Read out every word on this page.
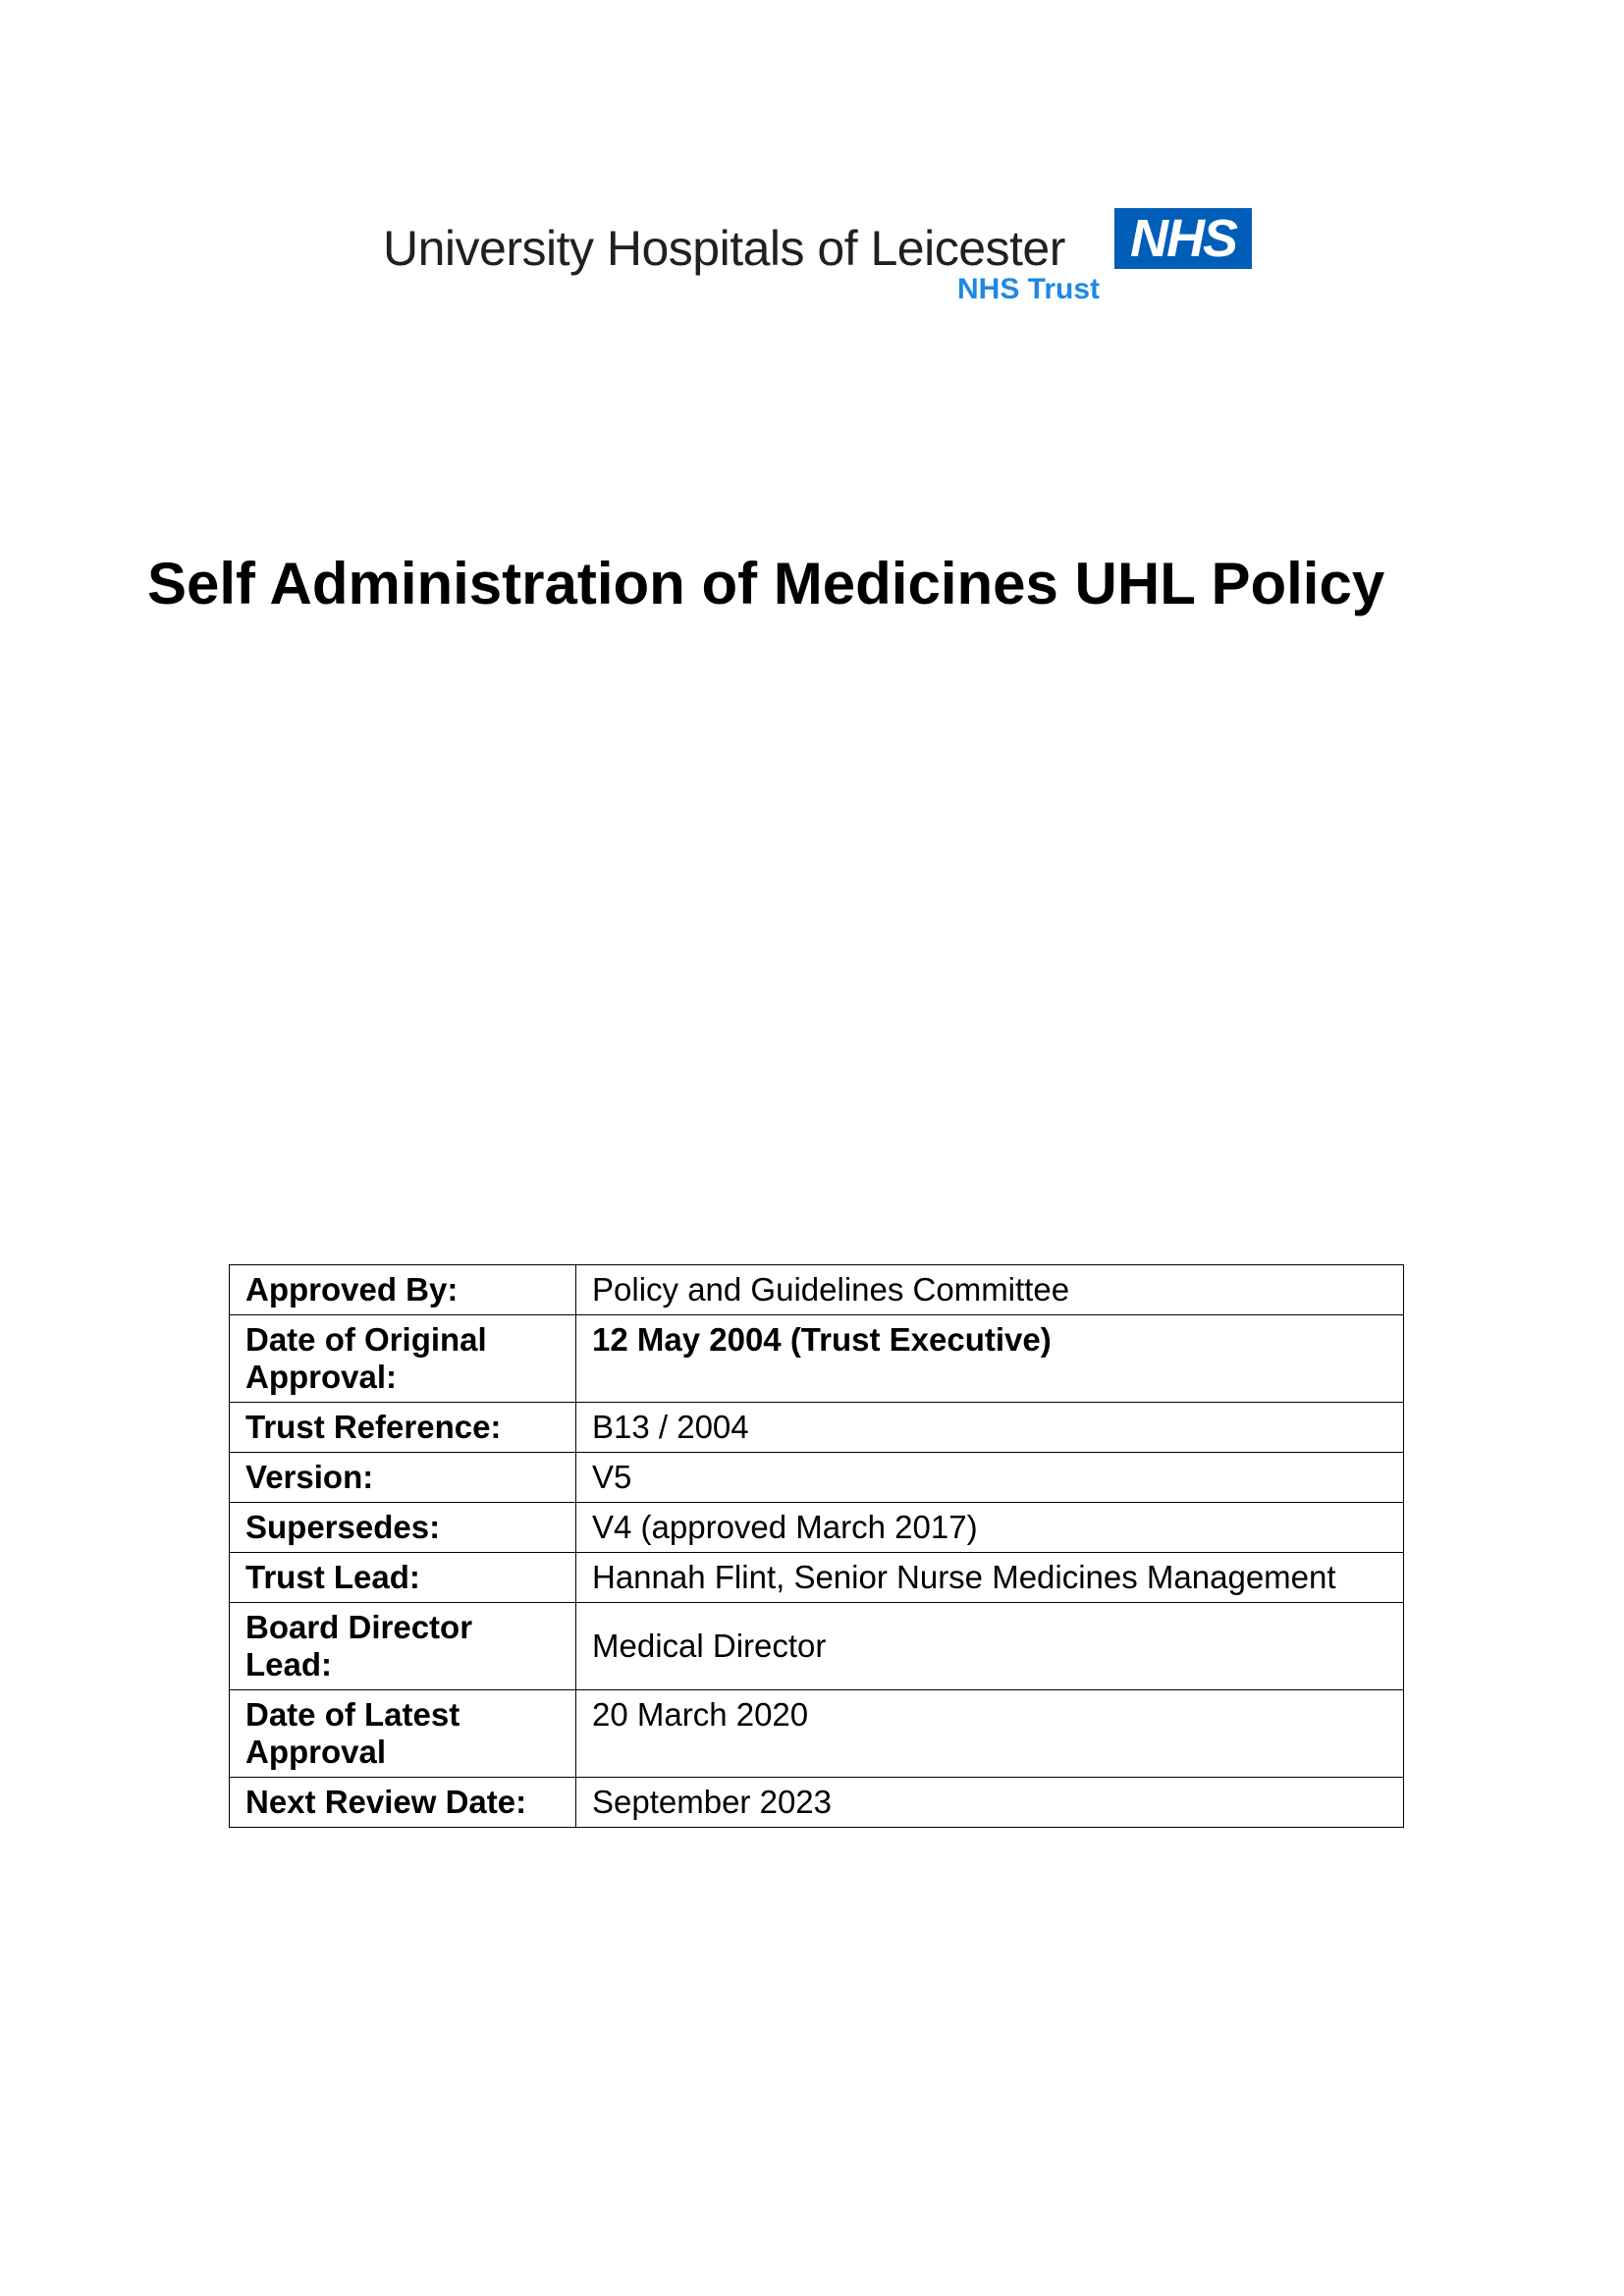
University Hospitals of Leicester NHS
NHS Trust
Self Administration of Medicines UHL Policy
Approved By:	Policy and Guidelines Committee
Date of Original Approval:	12 May 2004 (Trust Executive)
Trust Reference:	B13 / 2004
Version:	V5
Supersedes:	V4 (approved March 2017)
Trust Lead:	Hannah Flint, Senior Nurse Medicines Management
Board Director Lead:	Medical Director
Date of Latest Approval	20 March 2020
Next Review Date:	September 2023
